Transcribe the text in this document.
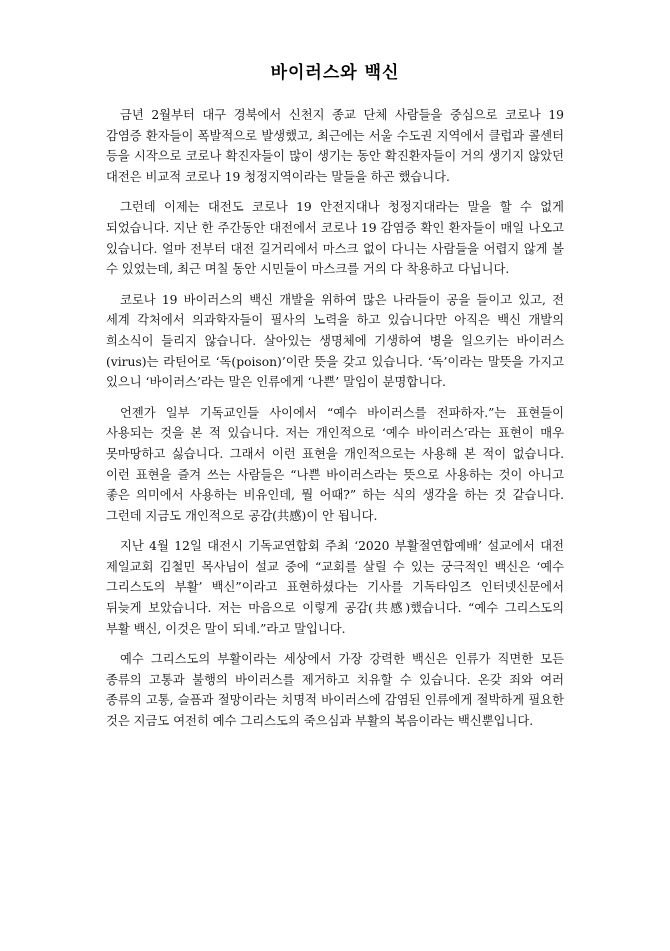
바이러스와 백신

금년 2월부터 대구 경북에서 신천지 종교 단체 사람들을 중심으로 코로나 19 감염증 환자들이 폭발적으로 발생했고, 최근에는 서울 수도권 지역에서 클럽과 콜센터 등을 시작으로 코로나 확진자들이 많이 생기는 동안 확진환자들이 거의 생기지 않았던 대전은 비교적 코로나 19 청정지역이라는 말들을 하곤 했습니다.

그런데 이제는 대전도 코로나 19 안전지대나 청정지대라는 말을 할 수 없게 되었습니다. 지난 한 주간동안 대전에서 코로나 19 감염증 확인 환자들이 매일 나오고 있습니다. 얼마 전부터 대전 길거리에서 마스크 없이 다니는 사람들을 어렵지 않게 볼 수 있었는데, 최근 며칠 동안 시민들이 마스크를 거의 다 착용하고 다닙니다.

코로나 19 바이러스의 백신 개발을 위하여 많은 나라들이 공을 들이고 있고, 전 세계 각처에서 의과학자들이 필사의 노력을 하고 있습니다만 아직은 백신 개발의 희소식이 들리지 않습니다. 살아있는 생명체에 기생하여 병을 일으키는 바이러스(virus)는 라틴어로 ‘독(poison)’이란 뜻을 갖고 있습니다. ‘독’이라는 말뜻을 가지고 있으니 ‘바이러스’라는 말은 인류에게 ‘나쁜’ 말임이 분명합니다.

언젠가 일부 기독교인들 사이에서 “예수 바이러스를 전파하자.”는 표현들이 사용되는 것을 본 적 있습니다. 저는 개인적으로 ‘예수 바이러스’라는 표현이 매우 못마땅하고 싫습니다. 그래서 이런 표현을 개인적으로는 사용해 본 적이 없습니다. 이런 표현을 즐겨 쓰는 사람들은 “나쁜 바이러스라는 뜻으로 사용하는 것이 아니고 좋은 의미에서 사용하는 비유인데, 뭘 어때?” 하는 식의 생각을 하는 것 같습니다. 그런데 지금도 개인적으로 공감(共感)이 안 됩니다.

지난 4월 12일 대전시 기독교연합회 주최 ‘2020 부활절연합예배’ 설교에서 대전 제일교회 김철민 목사님이 설교 중에 “교회를 살릴 수 있는 궁극적인 백신은 ‘예수 그리스도의 부활’ 백신”이라고 표현하셨다는 기사를 기독타임즈 인터넷신문에서 뒤늦게 보았습니다. 저는 마음으로 이렇게 공감(共感)했습니다. “예수 그리스도의 부활 백신, 이것은 말이 되네.”라고 말입니다.

예수 그리스도의 부활이라는 세상에서 가장 강력한 백신은 인류가 직면한 모든 종류의 고통과 불행의 바이러스를 제거하고 치유할 수 있습니다. 온갖 죄와 여러 종류의 고통, 슬픔과 절망이라는 치명적 바이러스에 감염된 인류에게 절박하게 필요한 것은 지금도 여전히 예수 그리스도의 죽으심과 부활의 복음이라는 백신뿐입니다.
